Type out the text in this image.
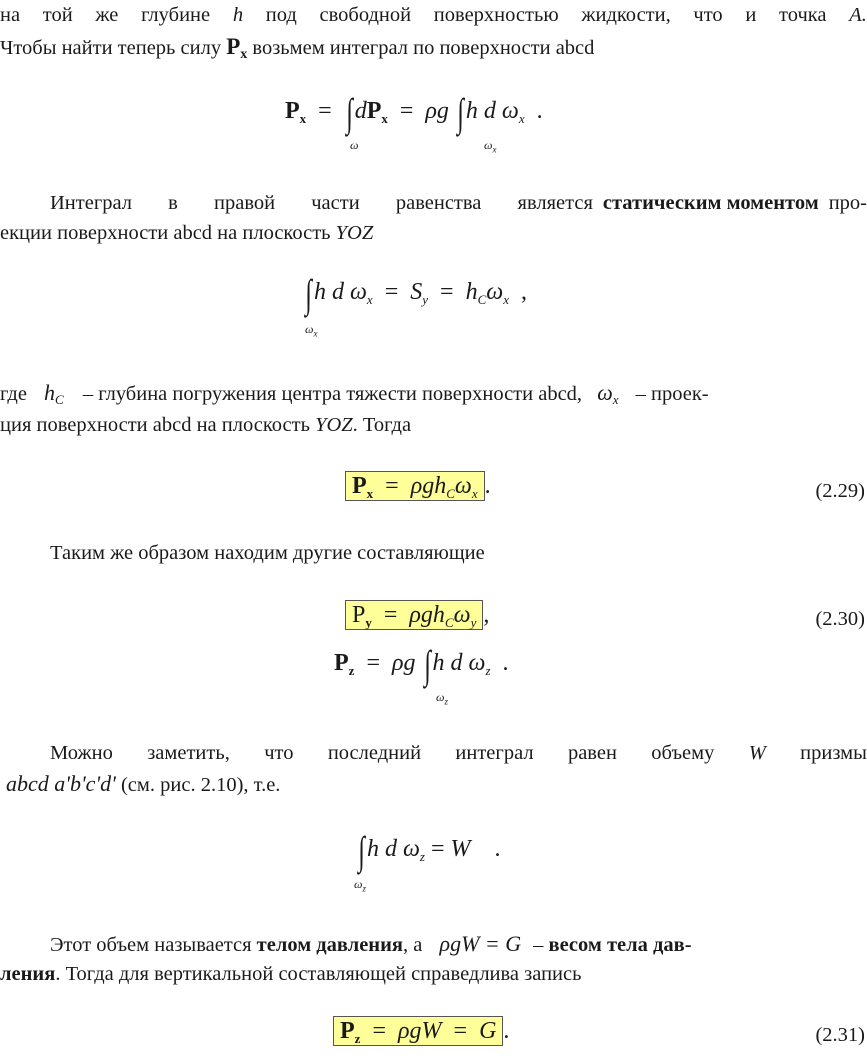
на той же глубине h под свободной поверхностью жидкости, что и точка A.
Чтобы найти теперь силу Px возьмем интеграл по поверхности abcd
$P_x = \int dP_x = \rho g$ ∫h d $\omega_x$  .
ω	$\omega_x$
Интеграл в правой части равенства является статическим моментом про-
екции поверхности abcd на плоскость YOZ
∫h d $\omega_x = S_y = h_C\omega_x$  ,
$\omega_x$
где hC – глубина погружения центра тяжести поверхности abcd, ωx – проек-
ция поверхности abcd на плоскость YOZ. Тогда
$P_x = \rho gh_C\omega_x$ .	(2.29)
Таким же образом находим другие составляющие
$P_y = \rho gh_C\omega_y$ ,	(2.30)
$P_z = \rho g$ ∫h d $\omega_z$  .
$\omega_z$
Можно заметить, что последний интеграл равен объему W призмы
abcd a'b'c'd' (см. рис. 2.10), т.е.
∫h d $\omega_z = W$    .
$\omega_z$
Этот объем называется телом давления, а ρgW = G – весом тела дав-
ления. Тогда для вертикальной составляющей справедлива запись
$P_z = \rho gW = G$ .	(2.31)
